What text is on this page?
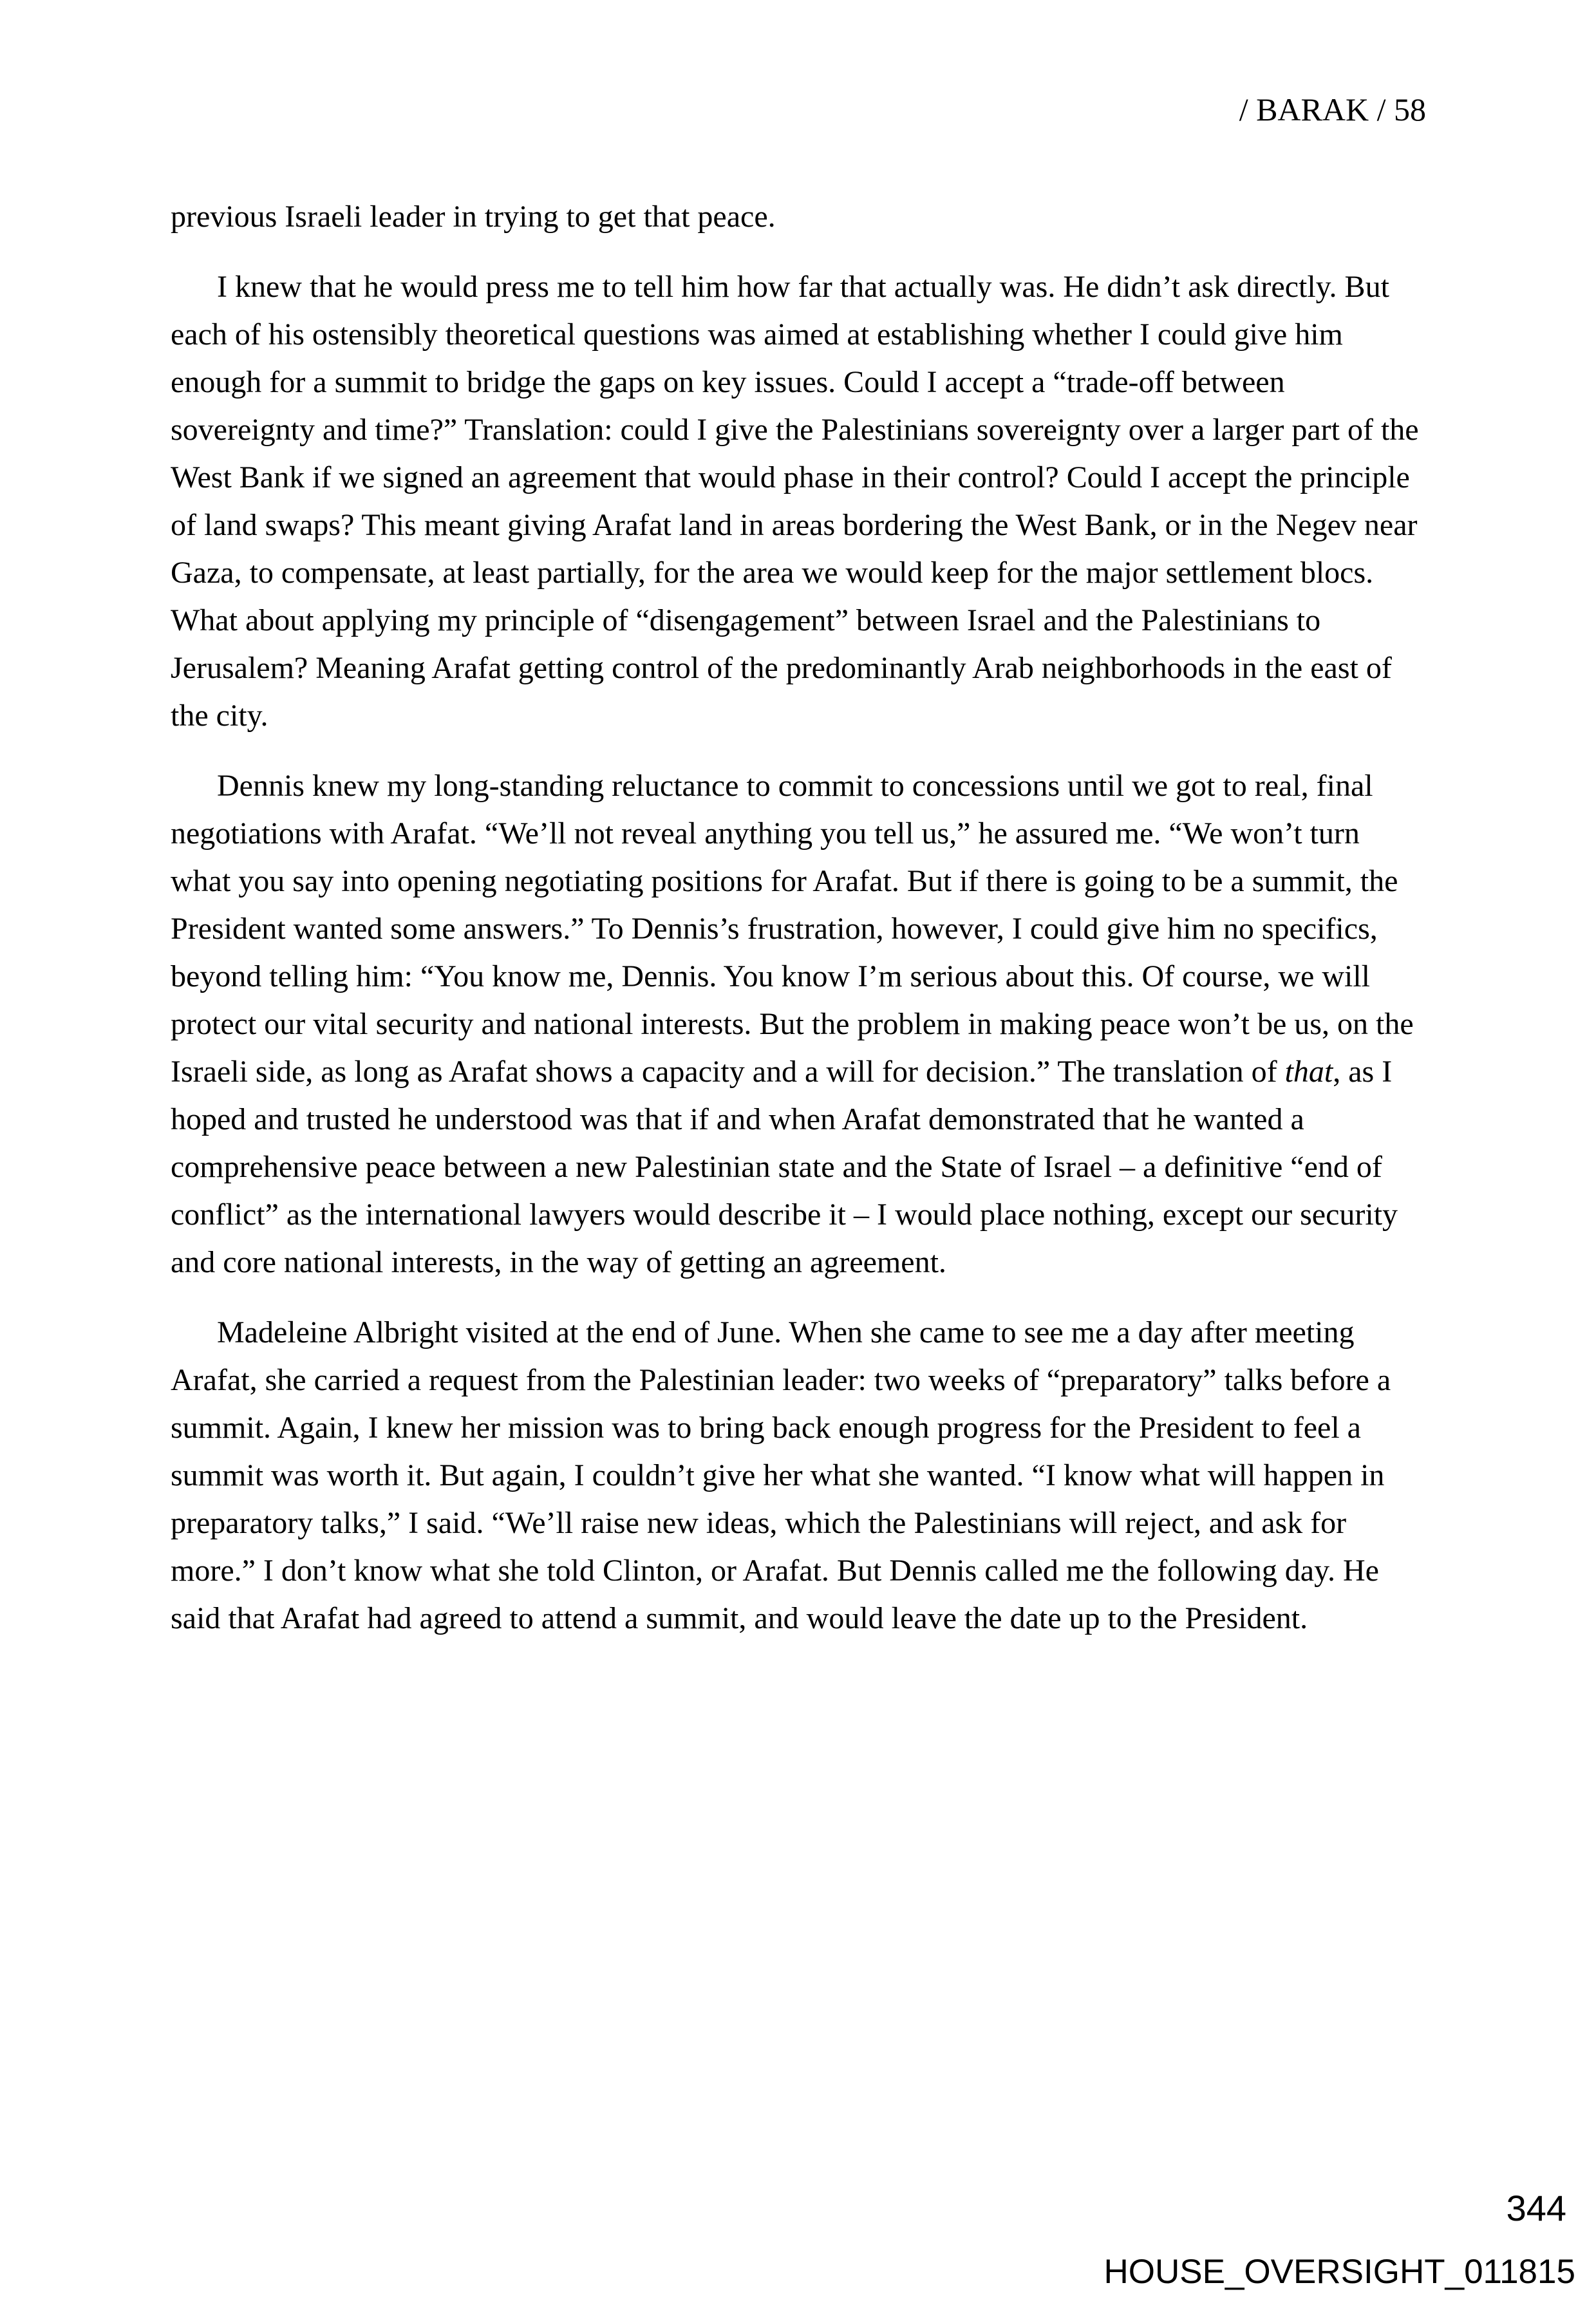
/ BARAK / 58

previous Israeli leader in trying to get that peace.

I knew that he would press me to tell him how far that actually was. He didn’t ask directly. But each of his ostensibly theoretical questions was aimed at establishing whether I could give him enough for a summit to bridge the gaps on key issues. Could I accept a “trade-off between sovereignty and time?” Translation: could I give the Palestinians sovereignty over a larger part of the West Bank if we signed an agreement that would phase in their control? Could I accept the principle of land swaps? This meant giving Arafat land in areas bordering the West Bank, or in the Negev near Gaza, to compensate, at least partially, for the area we would keep for the major settlement blocs. What about applying my principle of “disengagement” between Israel and the Palestinians to Jerusalem? Meaning Arafat getting control of the predominantly Arab neighborhoods in the east of the city.

Dennis knew my long-standing reluctance to commit to concessions until we got to real, final negotiations with Arafat. “We’ll not reveal anything you tell us,” he assured me. “We won’t turn what you say into opening negotiating positions for Arafat. But if there is going to be a summit, the President wanted some answers.” To Dennis’s frustration, however, I could give him no specifics, beyond telling him: “You know me, Dennis. You know I’m serious about this. Of course, we will protect our vital security and national interests. But the problem in making peace won’t be us, on the Israeli side, as long as Arafat shows a capacity and a will for decision.” The translation of that, as I hoped and trusted he understood was that if and when Arafat demonstrated that he wanted a  comprehensive peace between a new Palestinian state and the State of Israel – a definitive “end of conflict” as the international lawyers would describe it – I would place nothing, except our security and core national interests, in the way of getting an agreement.

Madeleine Albright visited at the end of June. When she came to see me a day after meeting Arafat, she carried a request from the Palestinian leader: two weeks of “preparatory” talks before a summit. Again, I knew her mission was to bring back enough progress for the President to feel a summit was worth it. But again, I couldn’t give her what she wanted. “I know what will happen in preparatory talks,” I said. “We’ll raise new ideas, which the Palestinians will reject, and ask for more.” I don’t know what she told Clinton, or Arafat. But Dennis called me the following day. He said that Arafat had agreed to attend a summit, and would leave the date up to the President.

344
HOUSE_OVERSIGHT_011815
